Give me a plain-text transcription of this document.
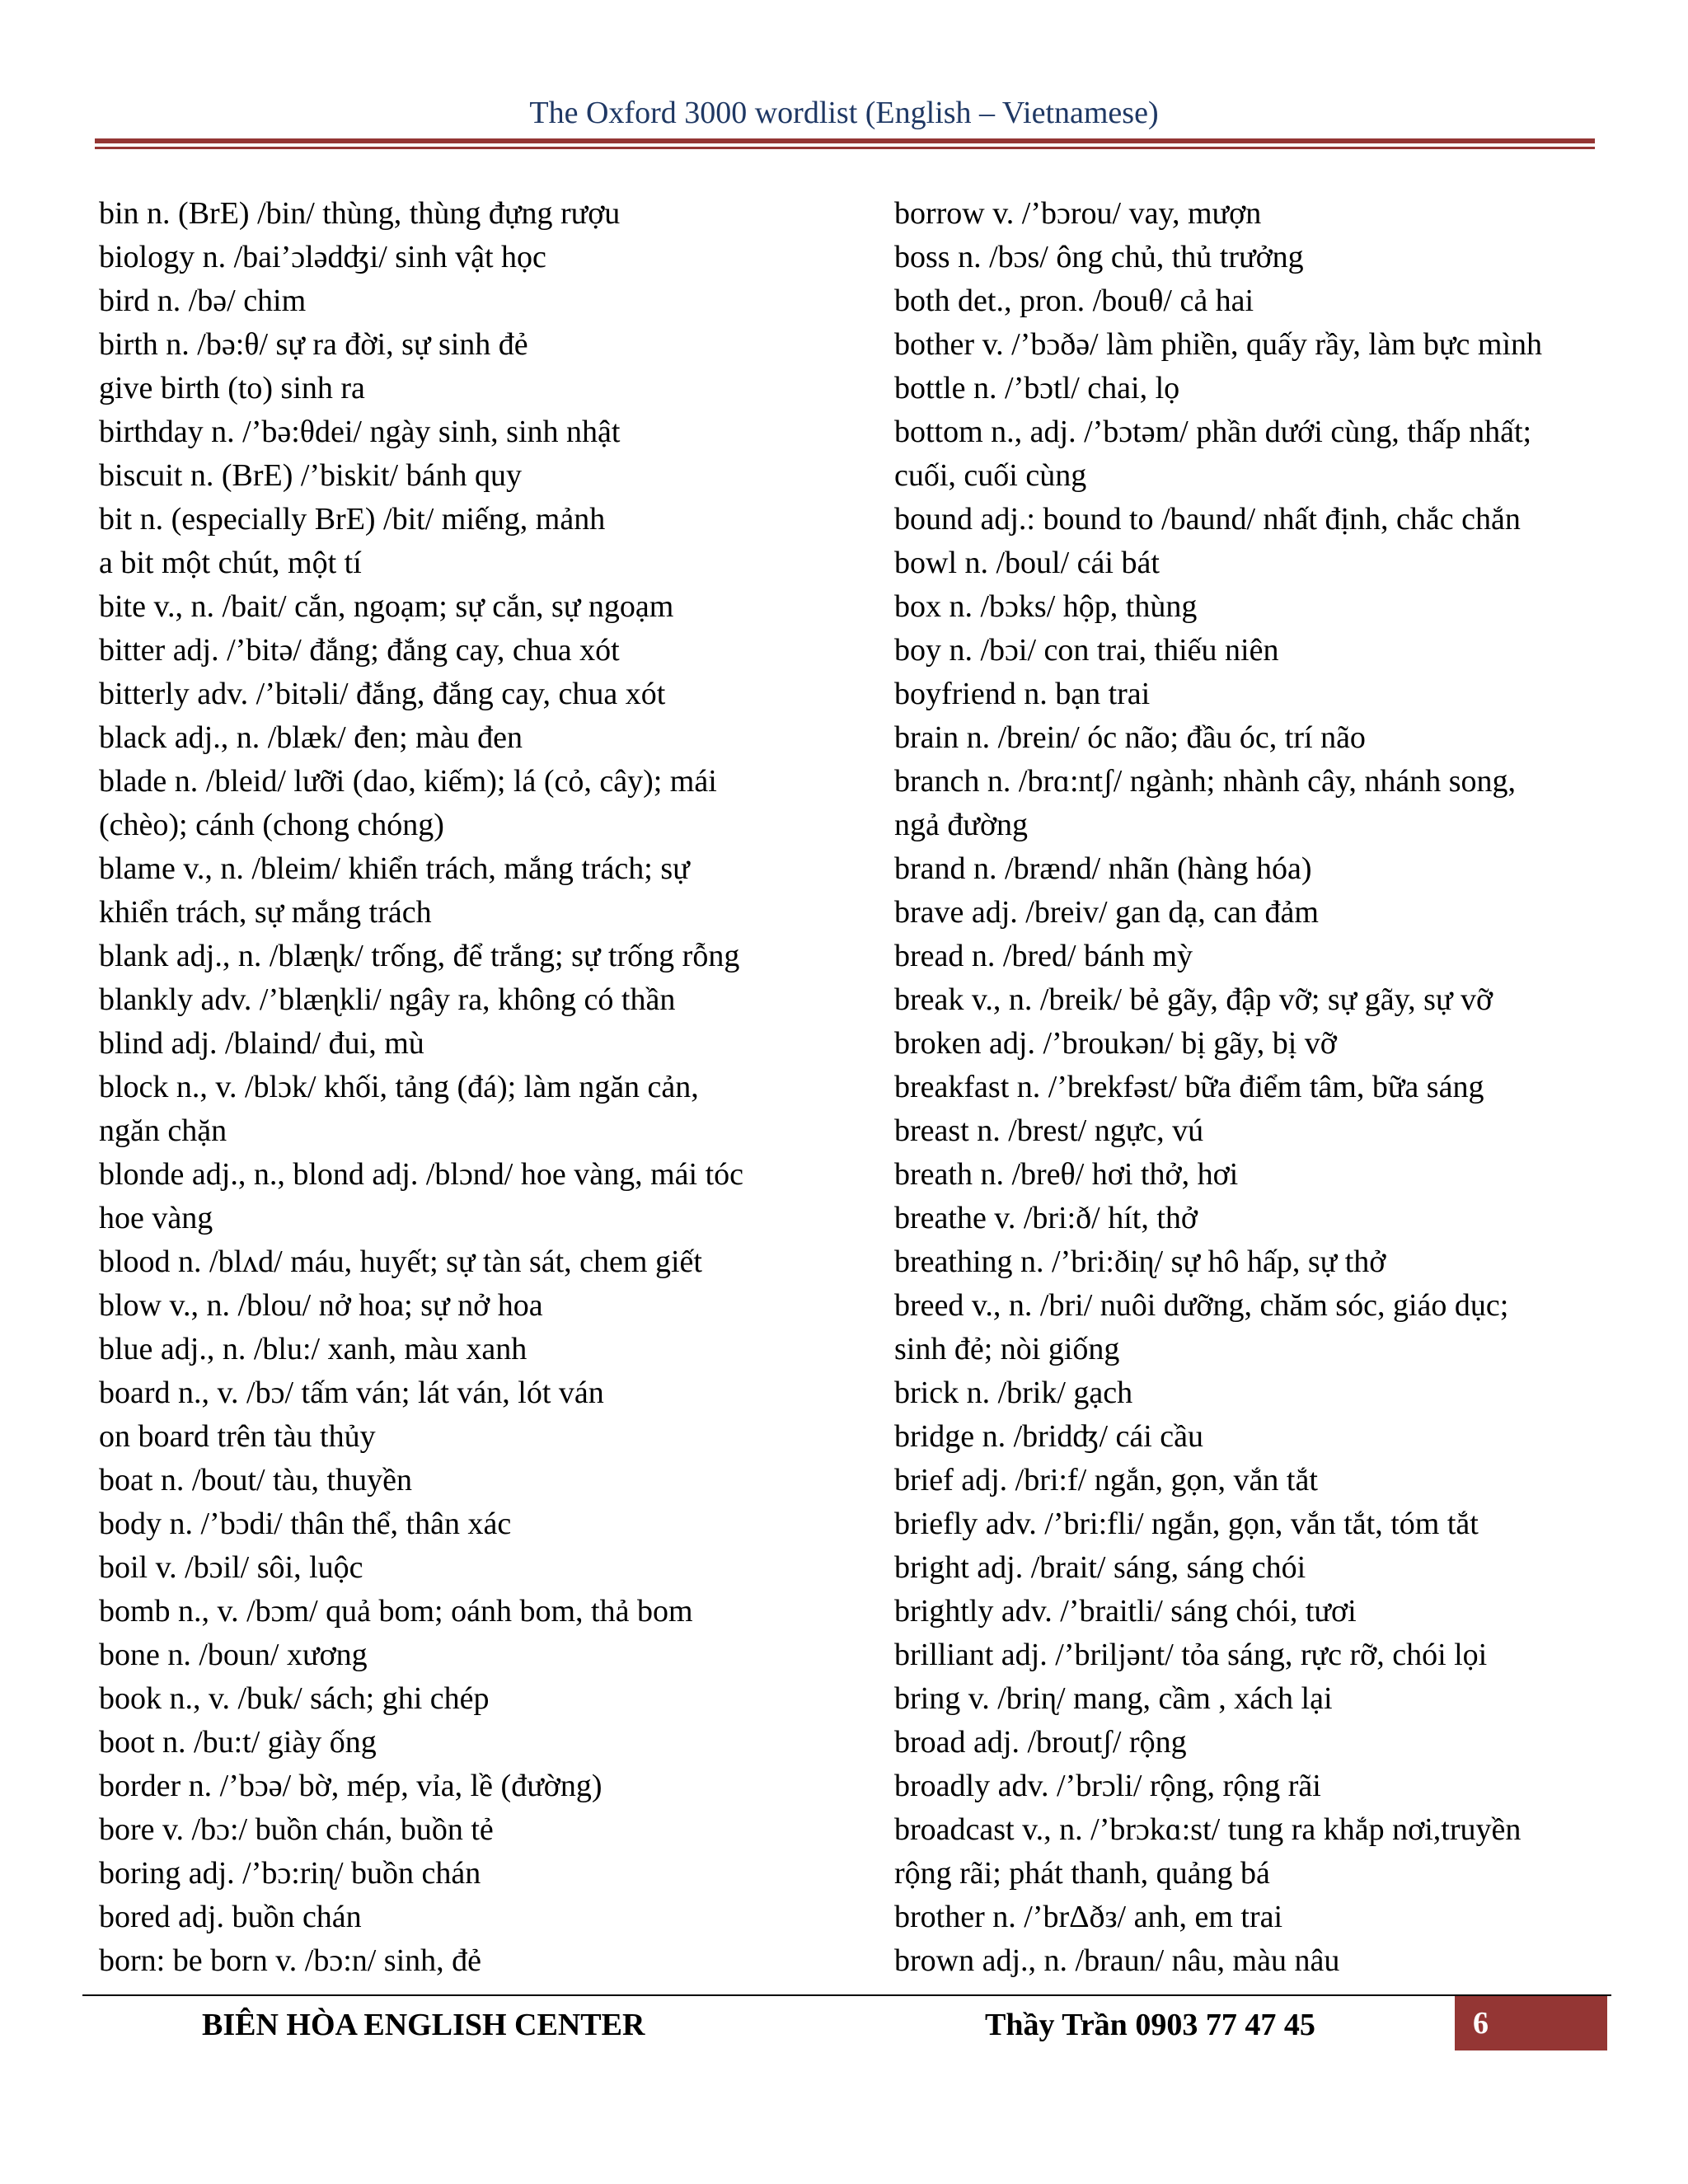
The Oxford 3000 wordlist (English – Vietnamese)
bin n. (BrE) /bin/ thùng, thùng đựng rượu
biology n. /bai’ɔlədʤi/ sinh vật học
bird n. /bə/ chim
birth n. /bə:θ/ sự ra đời, sự sinh đẻ
give birth (to) sinh ra
birthday n. /’bə:θdei/ ngày sinh, sinh nhật
biscuit n. (BrE) /’biskit/ bánh quy
bit n. (especially BrE) /bit/ miếng, mảnh
a bit một chút, một tí
bite v., n. /bait/ cắn, ngoạm; sự cắn, sự ngoạm
bitter adj. /’bitə/ đắng; đắng cay, chua xót
bitterly adv. /’bitəli/ đắng, đắng cay, chua xót
black adj., n. /blæk/ đen; màu đen
blade n. /bleid/ lưỡi (dao, kiếm); lá (cỏ, cây); mái
(chèo); cánh (chong chóng)
blame v., n. /bleim/ khiển trách, mắng trách; sự
khiển trách, sự mắng trách
blank adj., n. /blæɳk/ trống, để trắng; sự trống rỗng
blankly adv. /’blæɳkli/ ngây ra, không có thần
blind adj. /blaind/ đui, mù
block n., v. /blɔk/ khối, tảng (đá); làm ngăn cản,
ngăn chặn
blonde adj., n., blond adj. /blɔnd/ hoe vàng, mái tóc
hoe vàng
blood n. /blʌd/ máu, huyết; sự tàn sát, chem giết
blow v., n. /blou/ nở hoa; sự nở hoa
blue adj., n. /blu:/ xanh, màu xanh
board n., v. /bɔ/ tấm ván; lát ván, lót ván
on board trên tàu thủy
boat n. /bout/ tàu, thuyền
body n. /’bɔdi/ thân thể, thân xác
boil v. /bɔil/ sôi, luộc
bomb n., v. /bɔm/ quả bom; oánh bom, thả bom
bone n. /boun/ xương
book n., v. /buk/ sách; ghi chép
boot n. /bu:t/ giày ống
border n. /’bɔə/ bờ, mép, vỉa, lề (đường)
bore v. /bɔ:/ buồn chán, buồn tẻ
boring adj. /’bɔ:riɳ/ buồn chán
bored adj. buồn chán
born: be born v. /bɔ:n/ sinh, đẻ
borrow v. /’bɔrou/ vay, mượn
boss n. /bɔs/ ông chủ, thủ trưởng
both det., pron. /bouθ/ cả hai
bother v. /’bɔðə/ làm phiền, quấy rầy, làm bực mình
bottle n. /’bɔtl/ chai, lọ
bottom n., adj. /’bɔtəm/ phần dưới cùng, thấp nhất;
cuối, cuối cùng
bound adj.: bound to /baund/ nhất định, chắc chắn
bowl n. /boul/ cái bát
box n. /bɔks/ hộp, thùng
boy n. /bɔi/ con trai, thiếu niên
boyfriend n. bạn trai
brain n. /brein/ óc não; đầu óc, trí não
branch n. /brɑ:ntʃ/ ngành; nhành cây, nhánh song,
ngả đường
brand n. /brænd/ nhãn (hàng hóa)
brave adj. /breiv/ gan dạ, can đảm
bread n. /bred/ bánh mỳ
break v., n. /breik/ bẻ gãy, đập vỡ; sự gãy, sự vỡ
broken adj. /’broukən/ bị gãy, bị vỡ
breakfast n. /’brekfəst/ bữa điểm tâm, bữa sáng
breast n. /brest/ ngực, vú
breath n. /breθ/ hơi thở, hơi
breathe v. /bri:ð/ hít, thở
breathing n. /’bri:ðiɳ/ sự hô hấp, sự thở
breed v., n. /bri/ nuôi dưỡng, chăm sóc, giáo dục;
sinh đẻ; nòi giống
brick n. /brik/ gạch
bridge n. /bridʤ/ cái cầu
brief adj. /bri:f/ ngắn, gọn, vắn tắt
briefly adv. /’bri:fli/ ngắn, gọn, vắn tắt, tóm tắt
bright adj. /brait/ sáng, sáng chói
brightly adv. /’braitli/ sáng chói, tươi
brilliant adj. /’briljənt/ tỏa sáng, rực rỡ, chói lọi
bring v. /briɳ/ mang, cầm , xách lại
broad adj. /broutʃ/ rộng
broadly adv. /’brɔli/ rộng, rộng rãi
broadcast v., n. /’brɔkɑ:st/ tung ra khắp nơi,truyền
rộng rãi; phát thanh, quảng bá
brother n. /’brΔðз/ anh, em trai
brown adj., n. /braun/ nâu, màu nâu
BIÊN HÒA ENGLISH CENTER	Thầy Trần 0903 77 47 45	6
